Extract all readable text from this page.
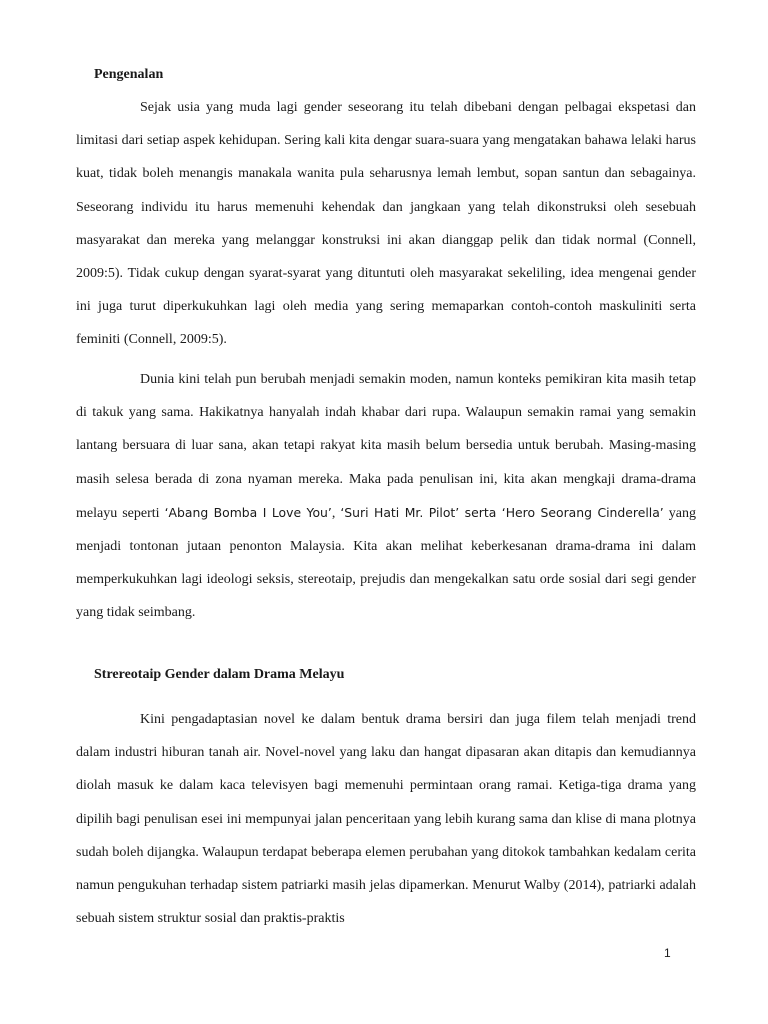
Pengenalan

Sejak usia yang muda lagi gender seseorang itu telah dibebani dengan pelbagai ekspetasi dan limitasi dari setiap aspek kehidupan. Sering kali kita dengar suara-suara yang mengatakan bahawa lelaki harus kuat, tidak boleh menangis manakala wanita pula seharusnya lemah lembut, sopan santun dan sebagainya. Seseorang individu itu harus memenuhi kehendak dan jangkaan yang telah dikonstruksi oleh sesebuah masyarakat dan mereka yang melanggar konstruksi ini akan dianggap pelik dan tidak normal (Connell, 2009:5). Tidak cukup dengan syarat-syarat yang dituntuti oleh masyarakat sekeliling, idea mengenai gender ini juga turut diperkukuhkan lagi oleh media yang sering memaparkan contoh-contoh maskuliniti serta feminiti (Connell, 2009:5).

Dunia kini telah pun berubah menjadi semakin moden, namun konteks pemikiran kita masih tetap di takuk yang sama. Hakikatnya hanyalah indah khabar dari rupa. Walaupun semakin ramai yang semakin lantang bersuara di luar sana, akan tetapi rakyat kita masih belum bersedia untuk berubah. Masing-masing masih selesa berada di zona nyaman mereka. Maka pada penulisan ini, kita akan mengkaji drama-drama melayu seperti ‘Abang Bomba I Love You’, ‘Suri Hati Mr. Pilot’ serta ‘Hero Seorang Cinderella’ yang menjadi tontonan jutaan penonton Malaysia. Kita akan melihat keberkesanan drama-drama ini dalam memperkukuhkan lagi ideologi seksis, stereotaip, prejudis dan mengekalkan satu orde sosial dari segi gender yang tidak seimbang.

Strereotaip Gender dalam Drama Melayu

Kini pengadaptasian novel ke dalam bentuk drama bersiri dan juga filem telah menjadi trend dalam industri hiburan tanah air. Novel-novel yang laku dan hangat dipasaran akan ditapis dan kemudiannya diolah masuk ke dalam kaca televisyen bagi memenuhi permintaan orang ramai. Ketiga-tiga drama yang dipilih bagi penulisan esei ini mempunyai jalan penceritaan yang lebih kurang sama dan klise di mana plotnya sudah boleh dijangka. Walaupun terdapat beberapa elemen perubahan yang ditokok tambahkan kedalam cerita namun pengukuhan terhadap sistem patriarki masih jelas dipamerkan. Menurut Walby (2014), patriarki adalah sebuah sistem struktur sosial dan praktis-praktis

1
